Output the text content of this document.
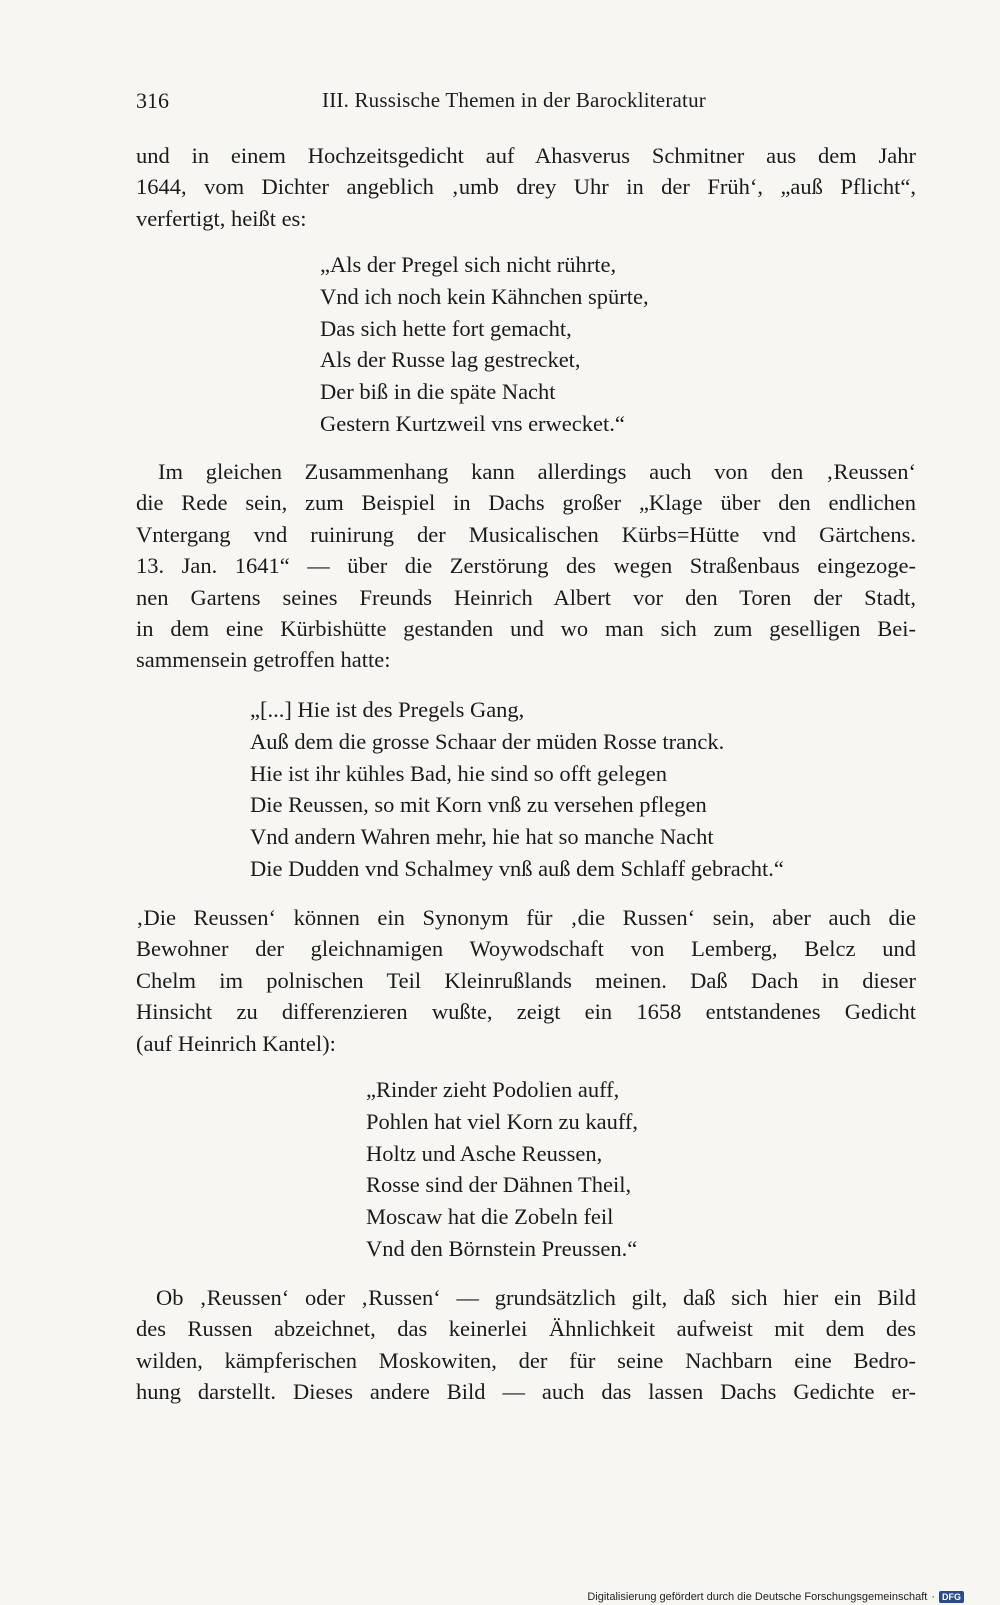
316	III. Russische Themen in der Barockliteratur

und in einem Hochzeitsgedicht auf Ahasverus Schmitner aus dem Jahr
1644, vom Dichter angeblich ‚umb drey Uhr in der Früh‘, „auß Pflicht“,
verfertigt, heißt es:

„Als der Pregel sich nicht rührte,
Vnd ich noch kein Kähnchen spürte,
Das sich hette fort gemacht,
Als der Russe lag gestrecket,
Der biß in die späte Nacht
Gestern Kurtzweil vns erwecket.“

Im gleichen Zusammenhang kann allerdings auch von den ‚Reussen‘
die Rede sein, zum Beispiel in Dachs großer „Klage über den endlichen
Vntergang vnd ruinirung der Musicalischen Kürbs=Hütte vnd Gärtchens.
13. Jan. 1641“ — über die Zerstörung des wegen Straßenbaus eingezoge-
nen Gartens seines Freunds Heinrich Albert vor den Toren der Stadt,
in dem eine Kürbishütte gestanden und wo man sich zum geselligen Bei-
sammensein getroffen hatte:

„[...] Hie ist des Pregels Gang,
Auß dem die grosse Schaar der müden Rosse tranck.
Hie ist ihr kühles Bad, hie sind so offt gelegen
Die Reussen, so mit Korn vnß zu versehen pflegen
Vnd andern Wahren mehr, hie hat so manche Nacht
Die Dudden vnd Schalmey vnß auß dem Schlaff gebracht.“

‚Die Reussen‘ können ein Synonym für ‚die Russen‘ sein, aber auch die
Bewohner der gleichnamigen Woywodschaft von Lemberg, Belcz und
Chelm im polnischen Teil Kleinrußlands meinen. Daß Dach in dieser
Hinsicht zu differenzieren wußte, zeigt ein 1658 entstandenes Gedicht
(auf Heinrich Kantel):

„Rinder zieht Podolien auff,
Pohlen hat viel Korn zu kauff,
Holtz und Asche Reussen,
Rosse sind der Dähnen Theil,
Moscaw hat die Zobeln feil
Vnd den Börnstein Preussen.“

Ob ‚Reussen‘ oder ‚Russen‘ — grundsätzlich gilt, daß sich hier ein Bild
des Russen abzeichnet, das keinerlei Ähnlichkeit aufweist mit dem des
wilden, kämpferischen Moskowiten, der für seine Nachbarn eine Bedro-
hung darstellt. Dieses andere Bild — auch das lassen Dachs Gedichte er-

Digitalisierung gefördert durch die Deutsche Forschungsgemeinschaft · DFG
